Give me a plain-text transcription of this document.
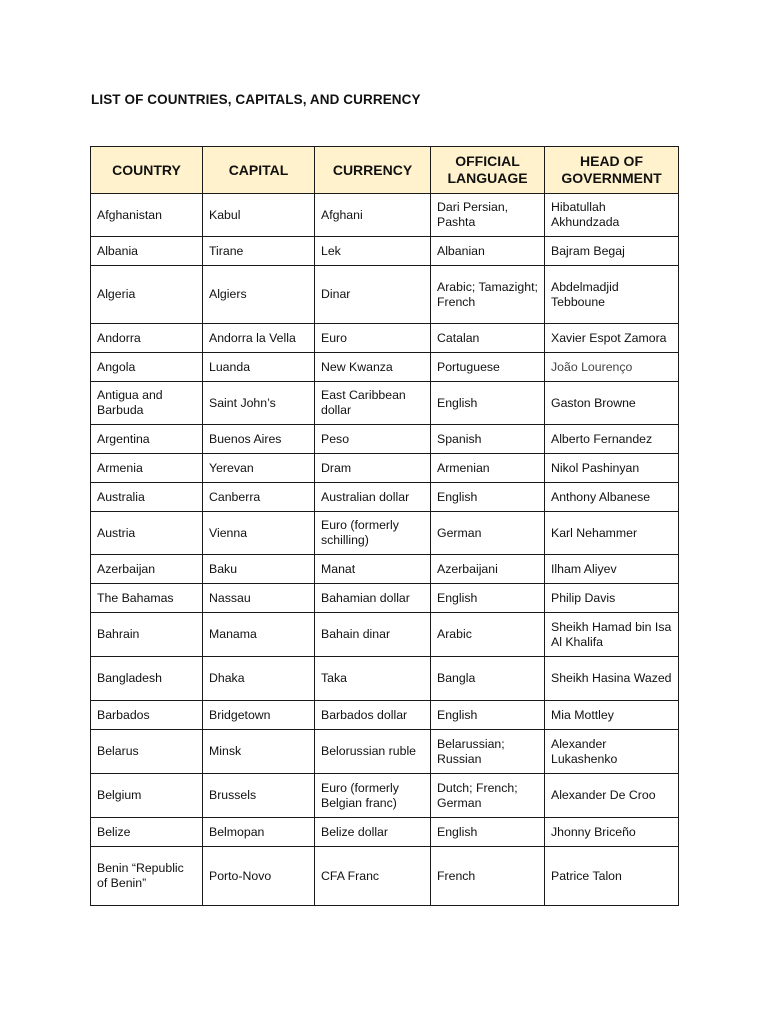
LIST OF COUNTRIES, CAPITALS, AND CURRENCY
COUNTRY	CAPITAL	CURRENCY	OFFICIAL LANGUAGE	HEAD OF GOVERNMENT
Afghanistan	Kabul	Afghani	Dari Persian, Pashta	Hibatullah Akhundzada
Albania	Tirane	Lek	Albanian	Bajram Begaj
Algeria	Algiers	Dinar	Arabic; Tamazight; French	Abdelmadjid Tebboune
Andorra	Andorra la Vella	Euro	Catalan	Xavier Espot Zamora
Angola	Luanda	New Kwanza	Portuguese	João Lourenço
Antigua and Barbuda	Saint John’s	East Caribbean dollar	English	Gaston Browne
Argentina	Buenos Aires	Peso	Spanish	Alberto Fernandez
Armenia	Yerevan	Dram	Armenian	Nikol Pashinyan
Australia	Canberra	Australian dollar	English	Anthony Albanese
Austria	Vienna	Euro (formerly schilling)	German	Karl Nehammer
Azerbaijan	Baku	Manat	Azerbaijani	Ilham Aliyev
The Bahamas	Nassau	Bahamian dollar	English	Philip Davis
Bahrain	Manama	Bahain dinar	Arabic	Sheikh Hamad bin Isa Al Khalifa
Bangladesh	Dhaka	Taka	Bangla	Sheikh Hasina Wazed
Barbados	Bridgetown	Barbados dollar	English	Mia Mottley
Belarus	Minsk	Belorussian ruble	Belarussian; Russian	Alexander Lukashenko
Belgium	Brussels	Euro (formerly Belgian franc)	Dutch; French; German	Alexander De Croo
Belize	Belmopan	Belize dollar	English	Jhonny Briceño
Benin “Republic of Benin”	Porto-Novo	CFA Franc	French	Patrice Talon
